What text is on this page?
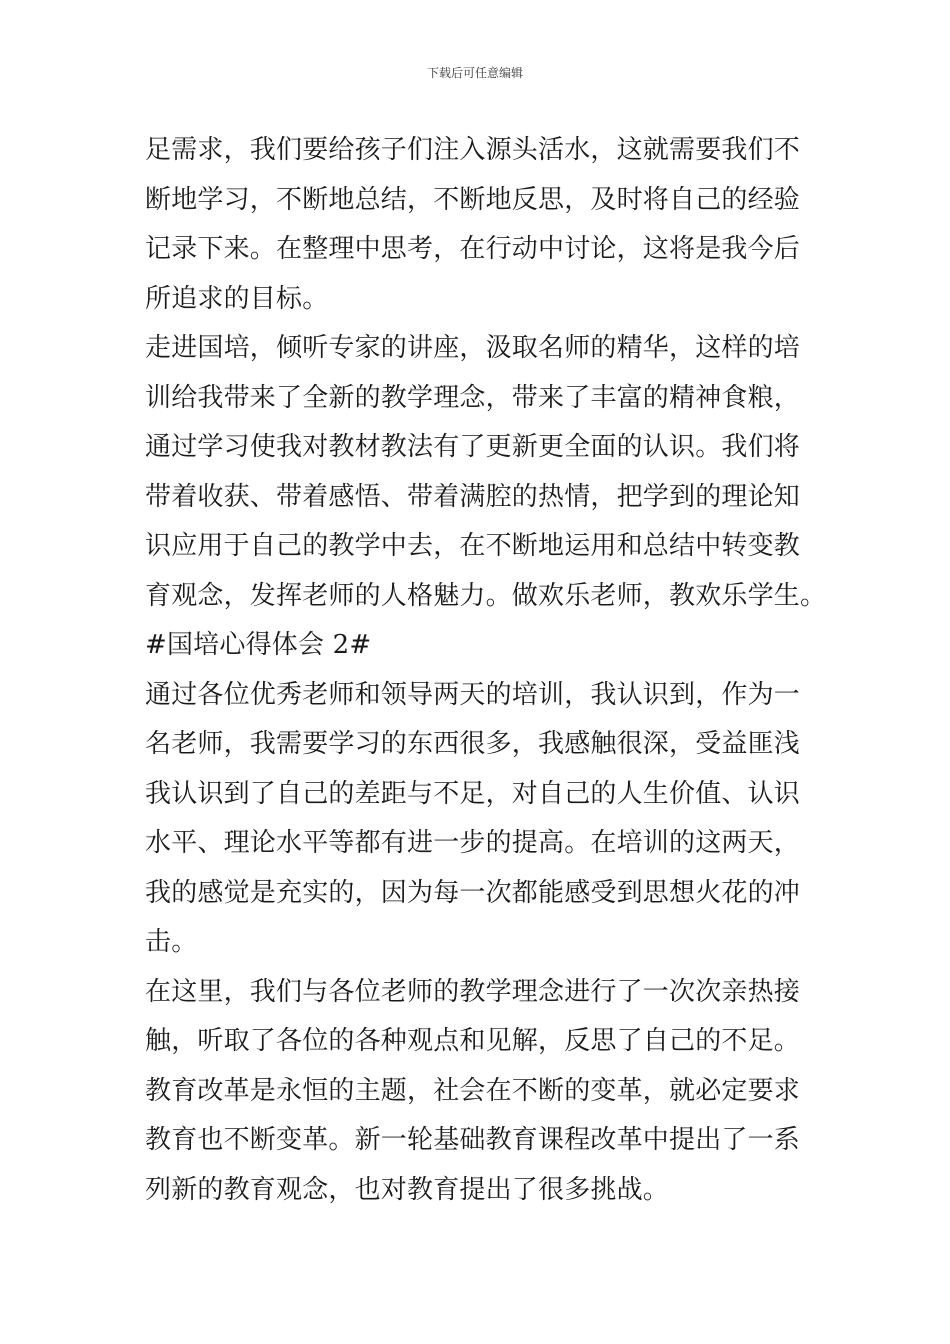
下载后可任意编辑
足需求，我们要给孩子们注入源头活水，这就需要我们不
断地学习，不断地总结，不断地反思，及时将自己的经验
记录下来。在整理中思考，在行动中讨论，这将是我今后
所追求的目标。
走进国培，倾听专家的讲座，汲取名师的精华，这样的培
训给我带来了全新的教学理念，带来了丰富的精神食粮，
通过学习使我对教材教法有了更新更全面的认识。我们将
带着收获、带着感悟、带着满腔的热情，把学到的理论知
识应用于自己的教学中去，在不断地运用和总结中转变教
育观念，发挥老师的人格魅力。做欢乐老师，教欢乐学生。
#国培心得体会 2#
通过各位优秀老师和领导两天的培训，我认识到，作为一
名老师，我需要学习的东西很多，我感触很深，受益匪浅
我认识到了自己的差距与不足，对自己的人生价值、认识
水平、理论水平等都有进一步的提高。在培训的这两天，
我的感觉是充实的，因为每一次都能感受到思想火花的冲
击。
在这里，我们与各位老师的教学理念进行了一次次亲热接
触，听取了各位的各种观点和见解，反思了自己的不足。
教育改革是永恒的主题，社会在不断的变革，就必定要求
教育也不断变革。新一轮基础教育课程改革中提出了一系
列新的教育观念，也对教育提出了很多挑战。
